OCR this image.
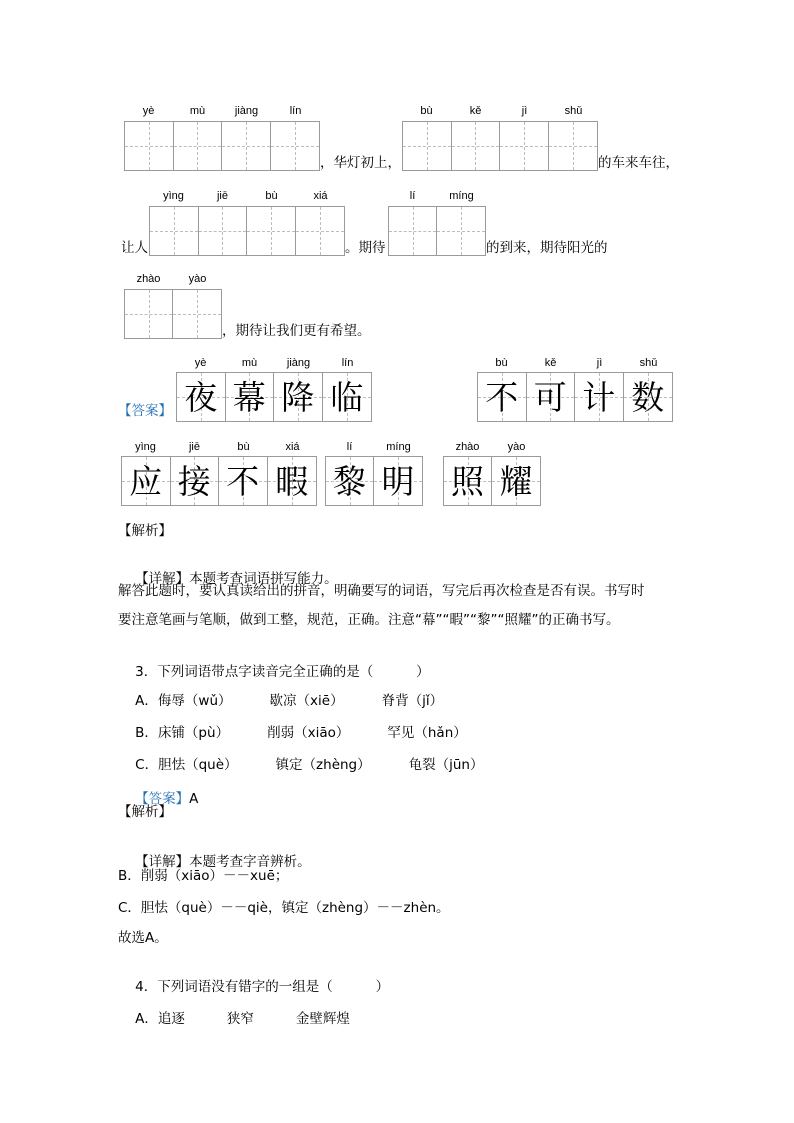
yè	mù	jiàng	lín
，华灯初上，
bù	kě	jì	shǔ
的车来车往，
让人
yìng	jiē	bù	xiá
。期待
lí	míng
的到来，期待阳光的
zhào	yào
，期待让我们更有希望。
【答案】
yè	mù	jiàng	lín
夜 幕 降 临
bù	kě	jì	shǔ
不 可 计 数
yìng	jiē	bù	xiá
应 接 不 暇
lí	míng
黎 明
zhào	yào
照 耀
【解析】

【详解】本题考查词语拼写能力。

解答此题时，要认真读给出的拼音，明确要写的词语，写完后再次检查是否有误。书写时
要注意笔画与笔顺，做到工整，规范，正确。注意“幕”“暇”“黎”“照耀”的正确书写。

3．下列词语带点字读音完全正确的是（          ）

A．侮辱（wǔ）	歇凉（xiē）	脊背（jǐ）

B．床铺（pù）	削弱（xiāo）	罕见（hǎn）

C．胆怯（què）	镇定（zhèng）	龟裂（jūn）

【答案】A

【解析】

【详解】本题考查字音辨析。

B．削弱（xiāo）－－xuē；
C．胆怯（què）－－qiè，镇定（zhèng）－－zhèn。
故选A。

4．下列词语没有错字的一组是（          ）

A．追逐	狭窄	金壁辉煌
